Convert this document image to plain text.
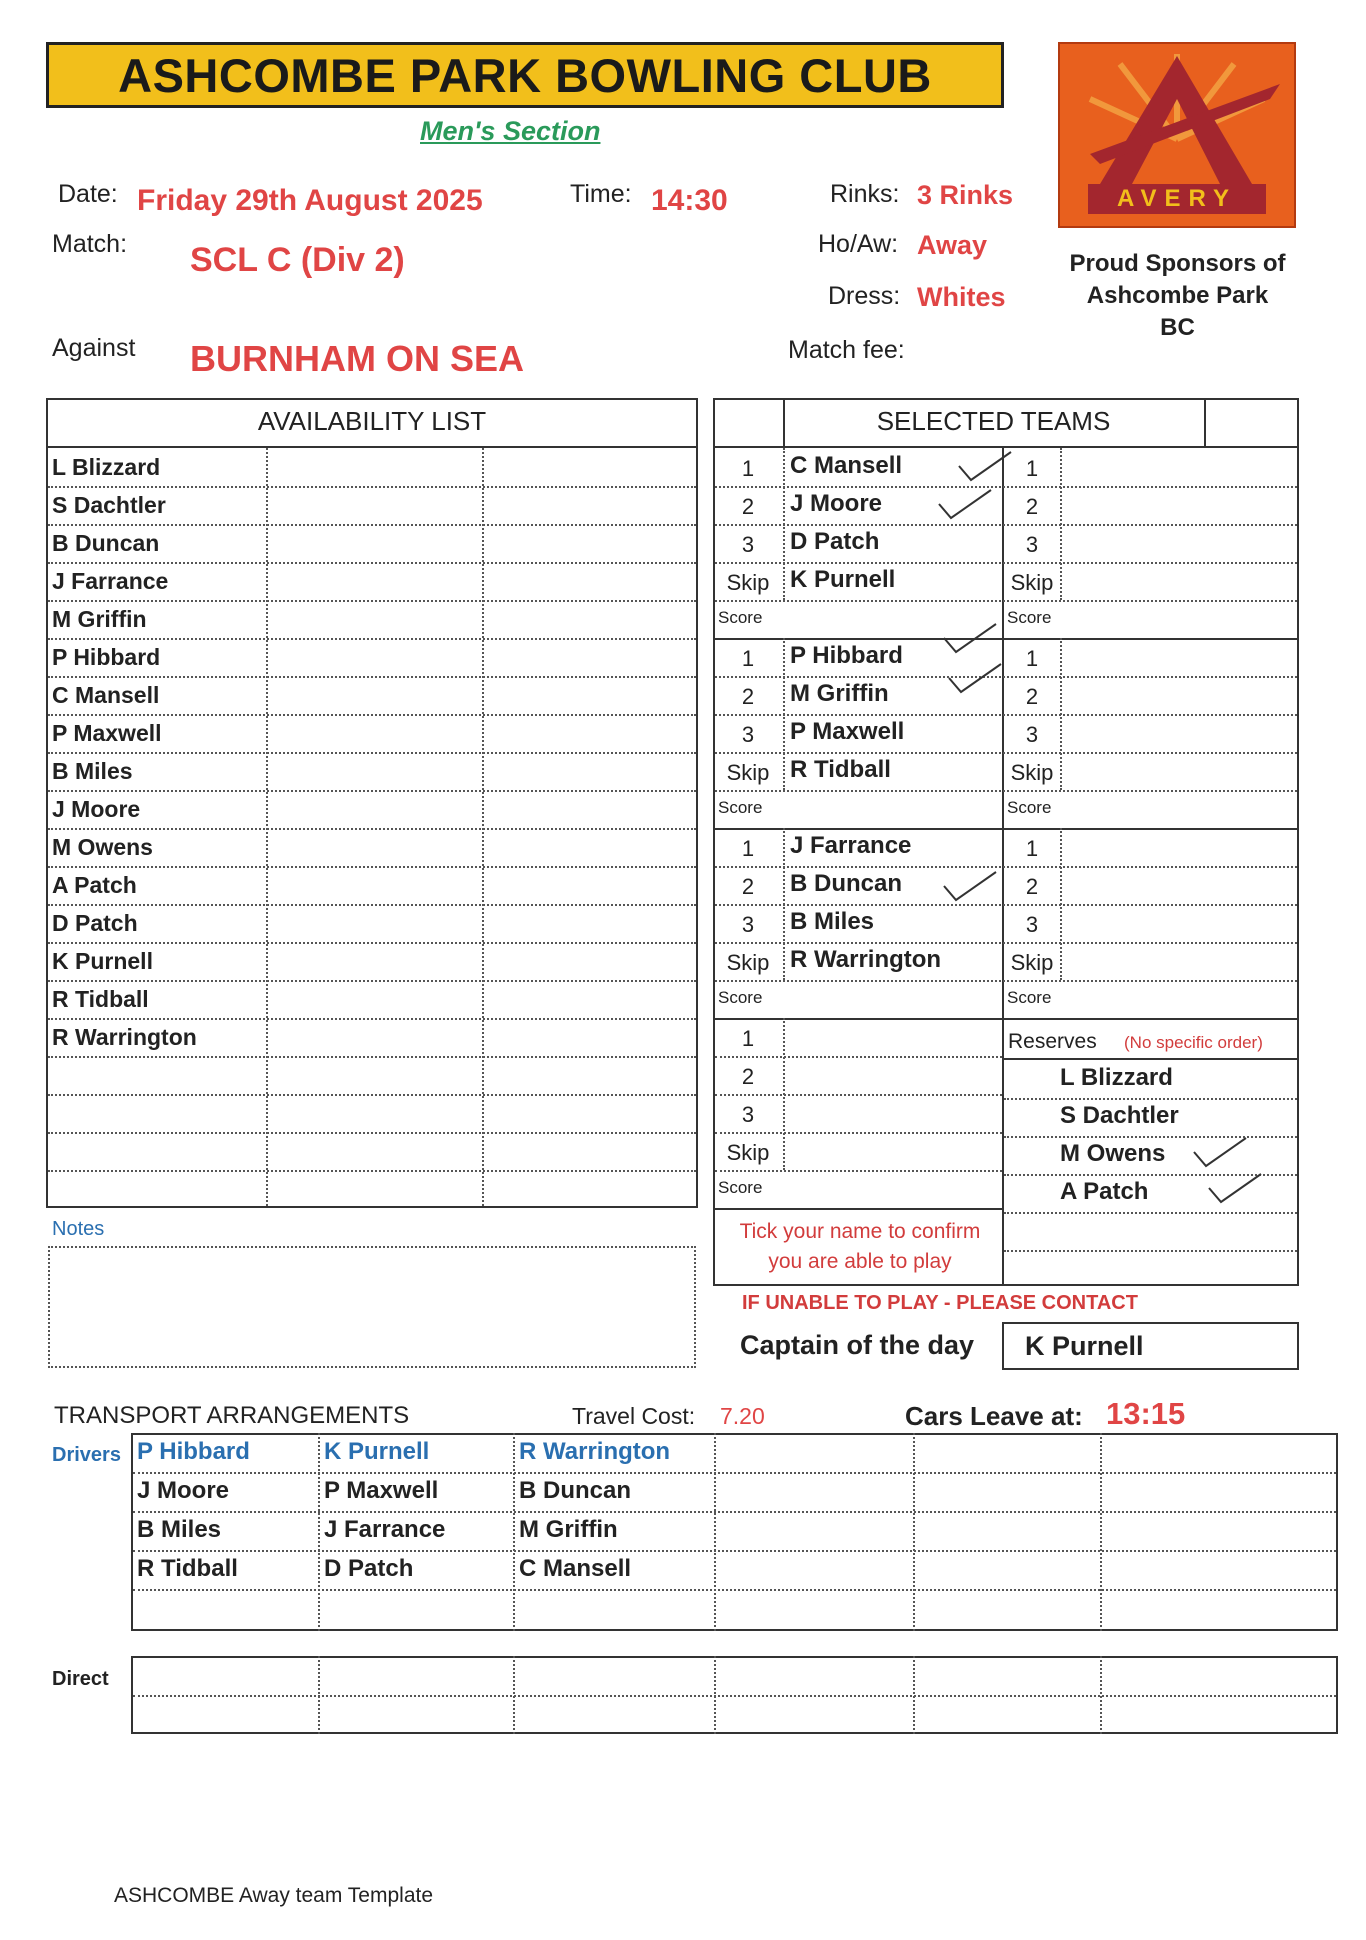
ASHCOMBE PARK BOWLING CLUB
Men's Section
Date: Friday 29th August 2025	Time: 14:30	Rinks: 3 Rinks
Match: SCL C (Div 2)	Ho/Aw: Away
Dress: Whites
Against BURNHAM ON SEA	Match fee:
AVERY
Proud Sponsors of
Ashcombe Park
BC
AVAILABILITY LIST
L Blizzard
S Dachtler
B Duncan
J Farrance
M Griffin
P Hibbard
C Mansell
P Maxwell
B Miles
J Moore
M Owens
A Patch
D Patch
K Purnell
R Tidball
R Warrington
SELECTED TEAMS
1	C Mansell	1
2	J Moore	2
3	D Patch	3
Skip K Purnell	Skip
Score	Score
1	P Hibbard	1
2	M Griffin	2
3	P Maxwell	3
Skip R Tidball	Skip
Score	Score
1	J Farrance	1
2	B Duncan	2
3	B Miles	3
Skip R Warrington	Skip
Score	Score
1
2
3
Skip
Score
Reserves (No specific order)
L Blizzard
S Dachtler
M Owens
A Patch
Notes	Tick your name to confirm
you are able to play
IF UNABLE TO PLAY - PLEASE CONTACT
Captain of the day K Purnell
TRANSPORT ARRANGEMENTS	Travel Cost: 7.20	Cars Leave at: 13:15
Drivers P Hibbard	K Purnell	R Warrington
J Moore	P Maxwell	B Duncan
B Miles	J Farrance	M Griffin
R Tidball	D Patch	C Mansell
Direct
ASHCOMBE Away team Template
